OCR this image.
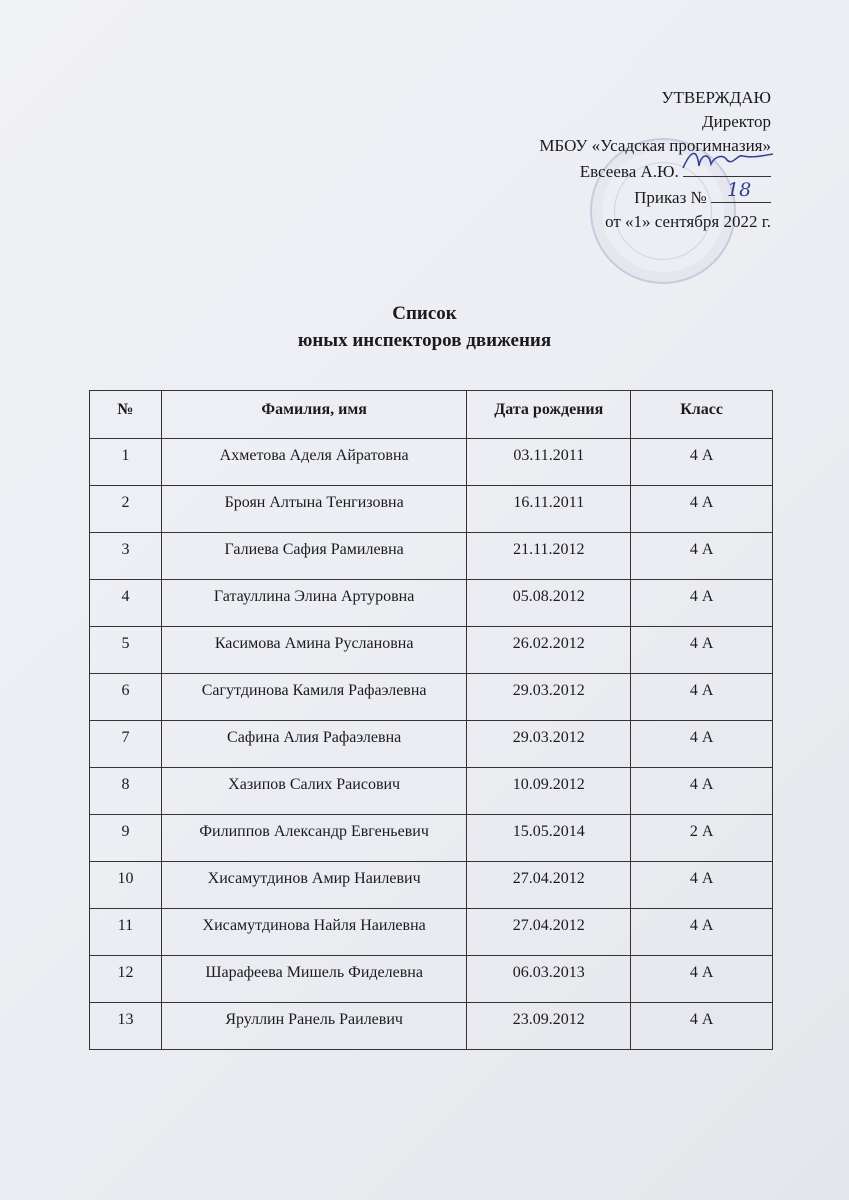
УТВЕРЖДАЮ
Директор
МБОУ «Усадская прогимназия»
Евсеева А.Ю.
Приказ № 18
от «1» сентября 2022 г.
Список
юных инспекторов движения
№	Фамилия, имя	Дата рождения	Класс
1	Ахметова Аделя Айратовна	03.11.2011	4 А
2	Броян Алтына Тенгизовна	16.11.2011	4 А
3	Галиева Сафия Рамилевна	21.11.2012	4 А
4	Гатауллина Элина Артуровна	05.08.2012	4 А
5	Касимова Амина Руслановна	26.02.2012	4 А
6	Сагутдинова Камиля Рафаэлевна	29.03.2012	4 А
7	Сафина Алия Рафаэлевна	29.03.2012	4 А
8	Хазипов Салих Раисович	10.09.2012	4 А
9	Филиппов Александр Евгеньевич	15.05.2014	2 А
10	Хисамутдинов Амир Наилевич	27.04.2012	4 А
11	Хисамутдинова Найля Наилевна	27.04.2012	4 А
12	Шарафеева Мишель Фиделевна	06.03.2013	4 А
13	Яруллин Ранель Раилевич	23.09.2012	4 А
